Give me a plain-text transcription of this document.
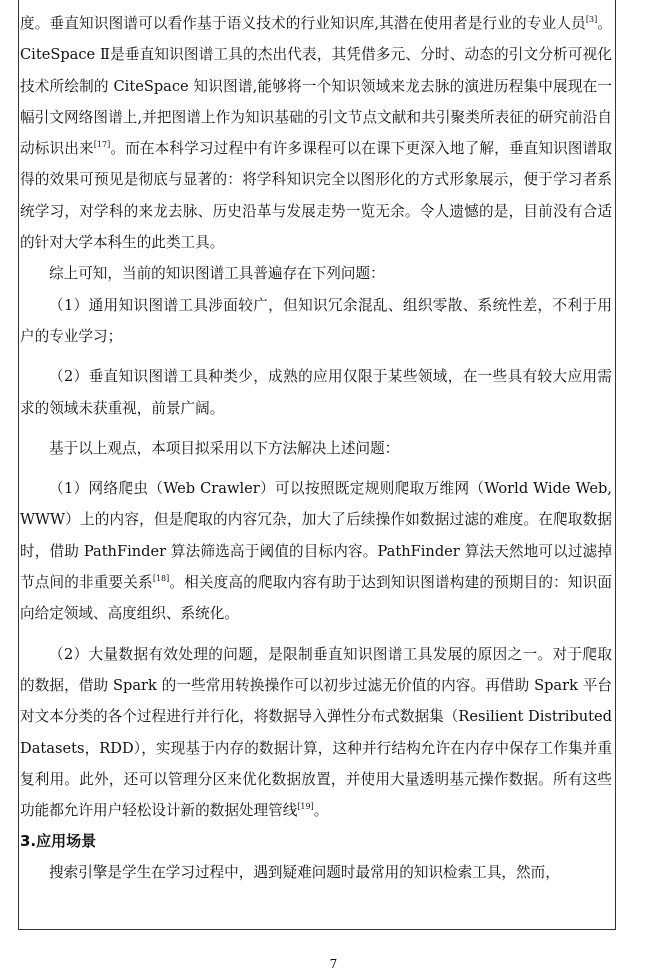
度。垂直知识图谱可以看作基于语义技术的行业知识库,其潜在使用者是行业的专业人员[3]。CiteSpace Ⅱ是垂直知识图谱工具的杰出代表，其凭借多元、分时、动态的引文分析可视化技术所绘制的 CiteSpace 知识图谱,能够将一个知识领域来龙去脉的演进历程集中展现在一幅引文网络图谱上,并把图谱上作为知识基础的引文节点文献和共引聚类所表征的研究前沿自动标识出来[17]。而在本科学习过程中有许多课程可以在课下更深入地了解，垂直知识图谱取得的效果可预见是彻底与显著的：将学科知识完全以图形化的方式形象展示，便于学习者系统学习，对学科的来龙去脉、历史沿革与发展走势一览无余。令人遗憾的是，目前没有合适的针对大学本科生的此类工具。

综上可知，当前的知识图谱工具普遍存在下列问题：

（1）通用知识图谱工具涉面较广，但知识冗余混乱、组织零散、系统性差，不利于用户的专业学习；

（2）垂直知识图谱工具种类少，成熟的应用仅限于某些领域，在一些具有较大应用需求的领域未获重视，前景广阔。

基于以上观点，本项目拟采用以下方法解决上述问题：

（1）网络爬虫（Web Crawler）可以按照既定规则爬取万维网（World Wide Web, WWW）上的内容，但是爬取的内容冗杂，加大了后续操作如数据过滤的难度。在爬取数据时，借助 PathFinder 算法筛选高于阈值的目标内容。PathFinder 算法天然地可以过滤掉节点间的非重要关系[18]。相关度高的爬取内容有助于达到知识图谱构建的预期目的：知识面向给定领域、高度组织、系统化。

（2）大量数据有效处理的问题，是限制垂直知识图谱工具发展的原因之一。对于爬取的数据，借助 Spark 的一些常用转换操作可以初步过滤无价值的内容。再借助 Spark 平台对文本分类的各个过程进行并行化，将数据导入弹性分布式数据集（Resilient Distributed Datasets，RDD），实现基于内存的数据计算，这种并行结构允许在内存中保存工作集并重复利用。此外，还可以管理分区来优化数据放置，并使用大量透明基元操作数据。所有这些功能都允许用户轻松设计新的数据处理管线[19]。

3.应用场景

搜索引擎是学生在学习过程中，遇到疑难问题时最常用的知识检索工具，然而，

7
